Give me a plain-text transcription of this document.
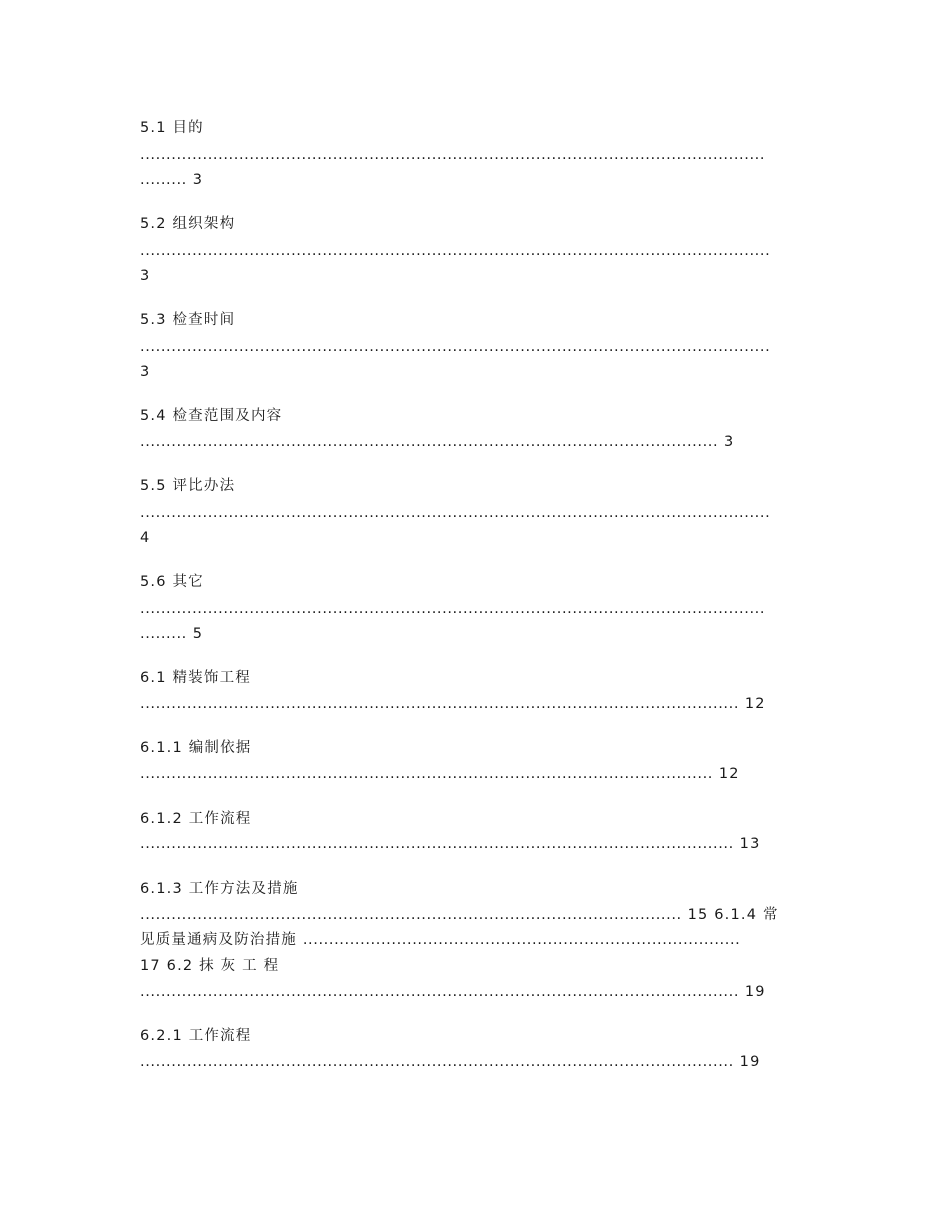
5.1 目的
........................................................................................................................
......... 3
5.2 组织架构
.........................................................................................................................
3
5.3 检查时间
.........................................................................................................................
3
5.4 检查范围及内容
............................................................................................................... 3
5.5 评比办法
.........................................................................................................................
4
5.6 其它
........................................................................................................................
......... 5
6.1 精装饰工程
................................................................................................................... 12
6.1.1 编制依据
.............................................................................................................. 12
6.1.2 工作流程
.................................................................................................................. 13
6.1.3 工作方法及措施
........................................................................................................ 15 6.1.4 常
见质量通病及防治措施 ....................................................................................
17 6.2 抹 灰 工 程
................................................................................................................... 19
6.2.1 工作流程
.................................................................................................................. 19
